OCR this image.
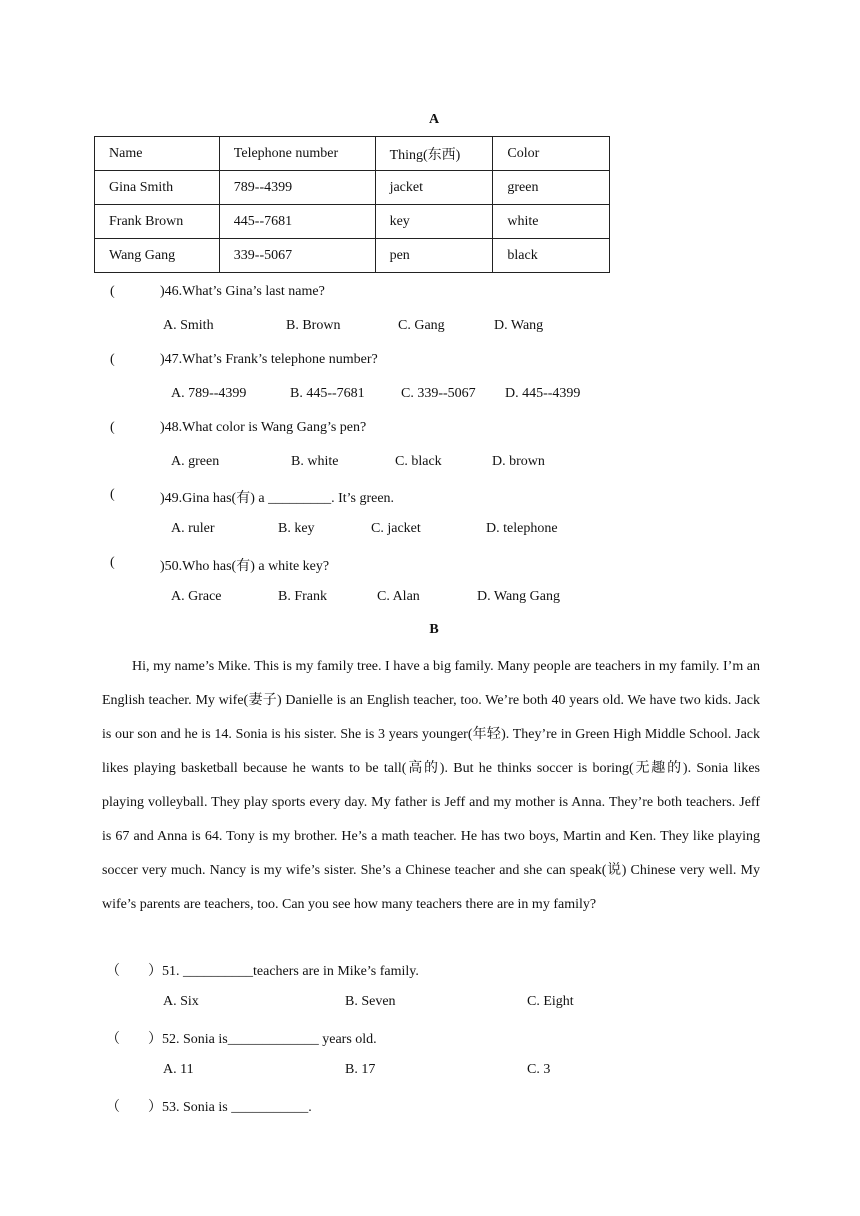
A
Name	Telephone number	Thing(东西)	Color
Gina Smith	789--4399	jacket	green
Frank Brown	445--7681	key	white
Wang Gang	339--5067	pen	black
(	)46.What’s Gina’s last name?
A. Smith	B. Brown	C. Gang	D. Wang
(	)47.What’s Frank’s telephone number?
A. 789--4399	B. 445--7681	C. 339--5067 D. 445--4399
(	)48.What color is Wang Gang’s pen?
A. green	B. white	C. black	D. brown
(	)49.Gina has(有) a _________. It’s green.
A. ruler	B. key	C. jacket	D. telephone
(	)50.Who has(有) a white key?
A. Grace	B. Frank	C. Alan	D. Wang Gang
B
Hi, my name’s Mike. This is my family tree. I have a big family. Many people are teachers in my family. I’m an English teacher. My wife(妻子) Danielle is an English teacher, too. We’re both 40 years old. We have two kids. Jack is our son and he is 14. Sonia is his sister. She is 3 years younger(年轻). They’re in Green High Middle School. Jack likes playing basketball because he wants to be tall(高的). But he thinks soccer is boring(无趣的). Sonia likes playing volleyball. They play sports every day. My father is Jeff and my mother is Anna. They’re both teachers. Jeff is 67 and Anna is 64. Tony is my brother. He’s a math teacher. He has two boys, Martin and Ken. They like playing soccer very much. Nancy is my wife’s sister. She’s a Chinese teacher and she can speak(说) Chinese very well. My wife’s parents are teachers, too. Can you see how many teachers there are in my family?
（　　）51. __________teachers are in Mike’s family.
A. Six	B. Seven	C. Eight
（　　）52. Sonia is_____________ years old.
A. 11	B. 17	C. 3
（　　）53. Sonia is ___________.
